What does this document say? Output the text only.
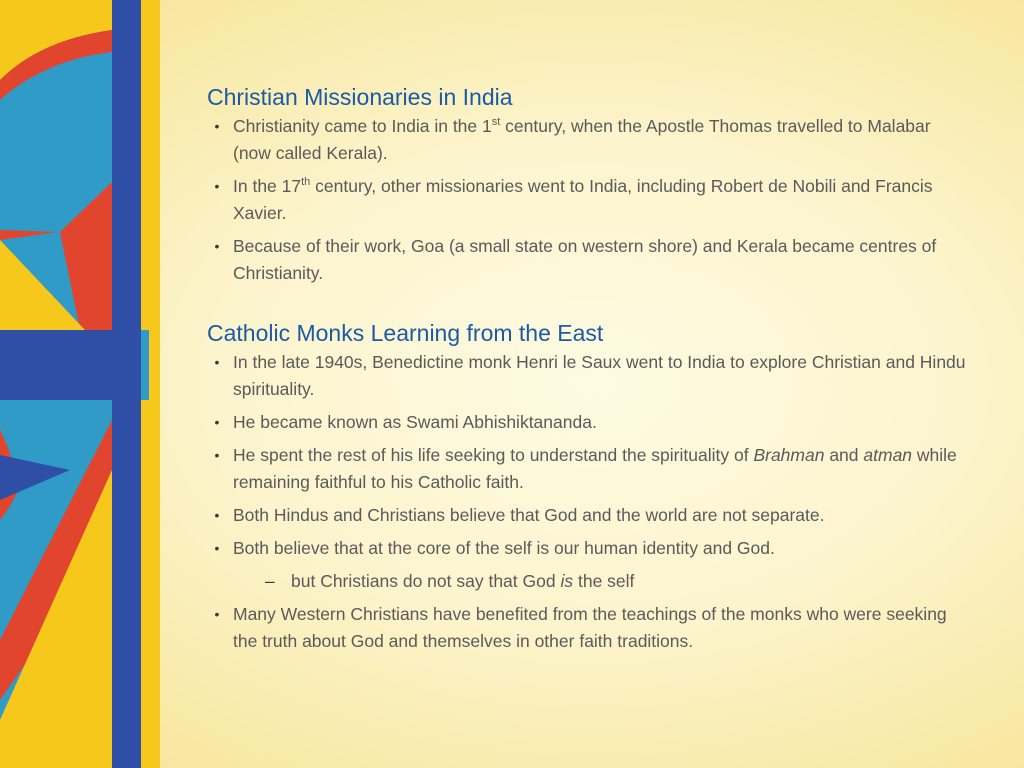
Christian Missionaries in India
• Christianity came to India in the 1st century, when the Apostle Thomas travelled to Malabar (now called Kerala).
• In the 17th century, other missionaries went to India, including Robert de Nobili and Francis Xavier.
• Because of their work, Goa (a small state on western shore) and Kerala became centres of Christianity.
Catholic Monks Learning from the East
• In the late 1940s, Benedictine monk Henri le Saux went to India to explore Christian and Hindu spirituality.
• He became known as Swami Abhishiktananda.
• He spent the rest of his life seeking to understand the spirituality of Brahman and atman while remaining faithful to his Catholic faith.
• Both Hindus and Christians believe that God and the world are not separate.
• Both believe that at the core of the self is our human identity and God.
– but Christians do not say that God is the self
• Many Western Christians have benefited from the teachings of the monks who were seeking the truth about God and themselves in other faith traditions.
